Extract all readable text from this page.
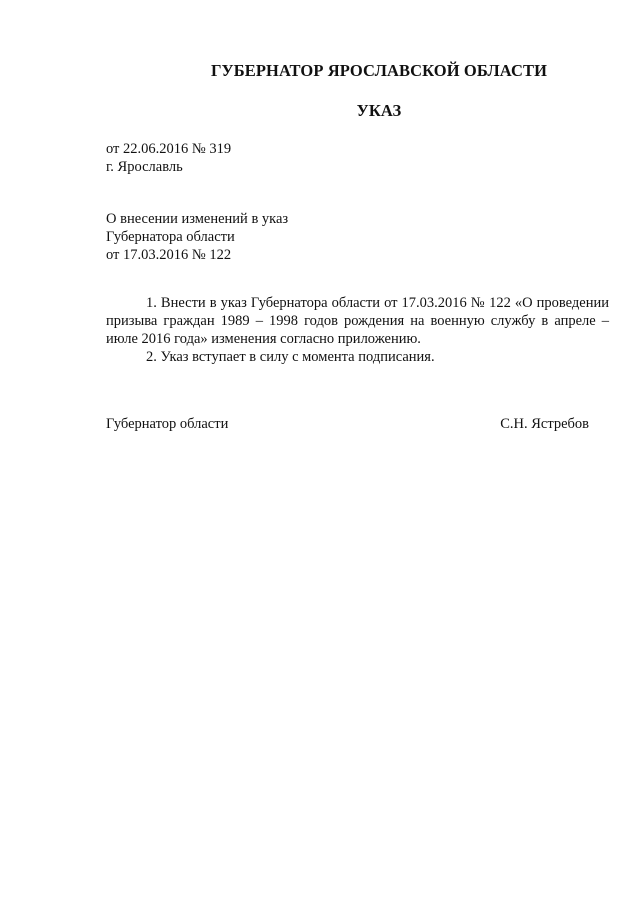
ГУБЕРНАТОР ЯРОСЛАВСКОЙ ОБЛАСТИ
УКАЗ
от 22.06.2016 № 319
г. Ярославль
О внесении изменений в указ
Губернатора области
от 17.03.2016 № 122

1. Внести в указ Губернатора области от 17.03.2016 № 122 «О проведении призыва граждан 1989 – 1998 годов рождения на военную службу в апреле – июле 2016 года» изменения согласно приложению.

2. Указ вступает в силу с момента подписания.

Губернатор области	С.Н. Ястребов
